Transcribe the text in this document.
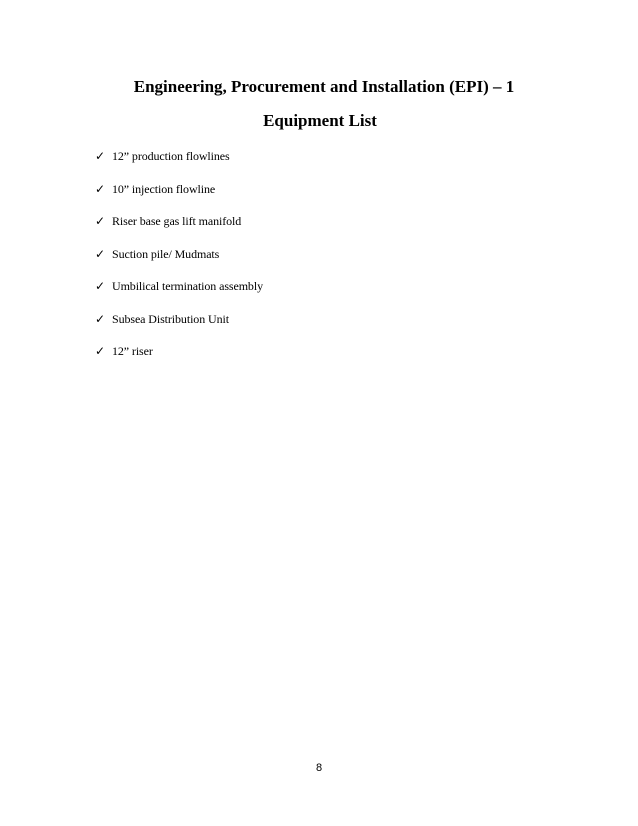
Engineering, Procurement and Installation (EPI) – 1
Equipment List
✓ 12” production flowlines
✓ 10” injection flowline
✓ Riser base gas lift manifold
✓ Suction pile/ Mudmats
✓ Umbilical termination assembly
✓ Subsea Distribution Unit
✓ 12” riser
8
